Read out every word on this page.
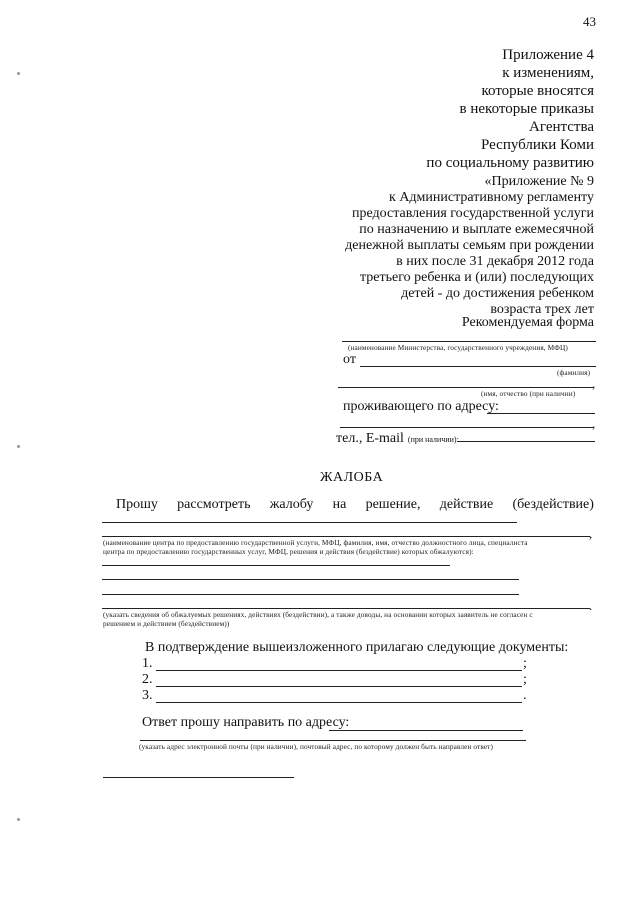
43
Приложение 4
к изменениям,
которые вносятся
в некоторые приказы
Агентства
Республики Коми
по социальному развитию
«Приложение № 9
к Административному регламенту
предоставления государственной услуги
по назначению и выплате ежемесячной
денежной выплаты семьям при рождении
в них после 31 декабря 2012 года
третьего ребенка и (или) последующих
детей - до достижения ребенком
возраста трех лет
Рекомендуемая форма
(наименование Министерства, государственного учреждения, МФЦ)
от
(фамилия)
,
(имя, отчество (при наличии)
проживающего по адресу:
,
тел., E-mail (при наличии):
ЖАЛОБА
Прошу рассмотреть жалобу на решение, действие (бездействие)
,
(наименование центра по предоставлению государственной услуги, МФЦ, фамилия, имя, отчество должностного лица, специалиста
центра по предоставлению государственных услуг, МФЦ, решения и действия (бездействие) которых обжалуются):
.
(указать сведения об обжалуемых решениях, действиях (бездействии), а также доводы, на основании которых заявитель не согласен с
решением и действием (бездействием))
В подтверждение вышеизложенного прилагаю следующие документы:
1.	;
2.	;
3.	.
Ответ прошу направить по адресу:
(указать адрес электронной почты (при наличии), почтовый адрес, по которому должен быть направлен ответ)
